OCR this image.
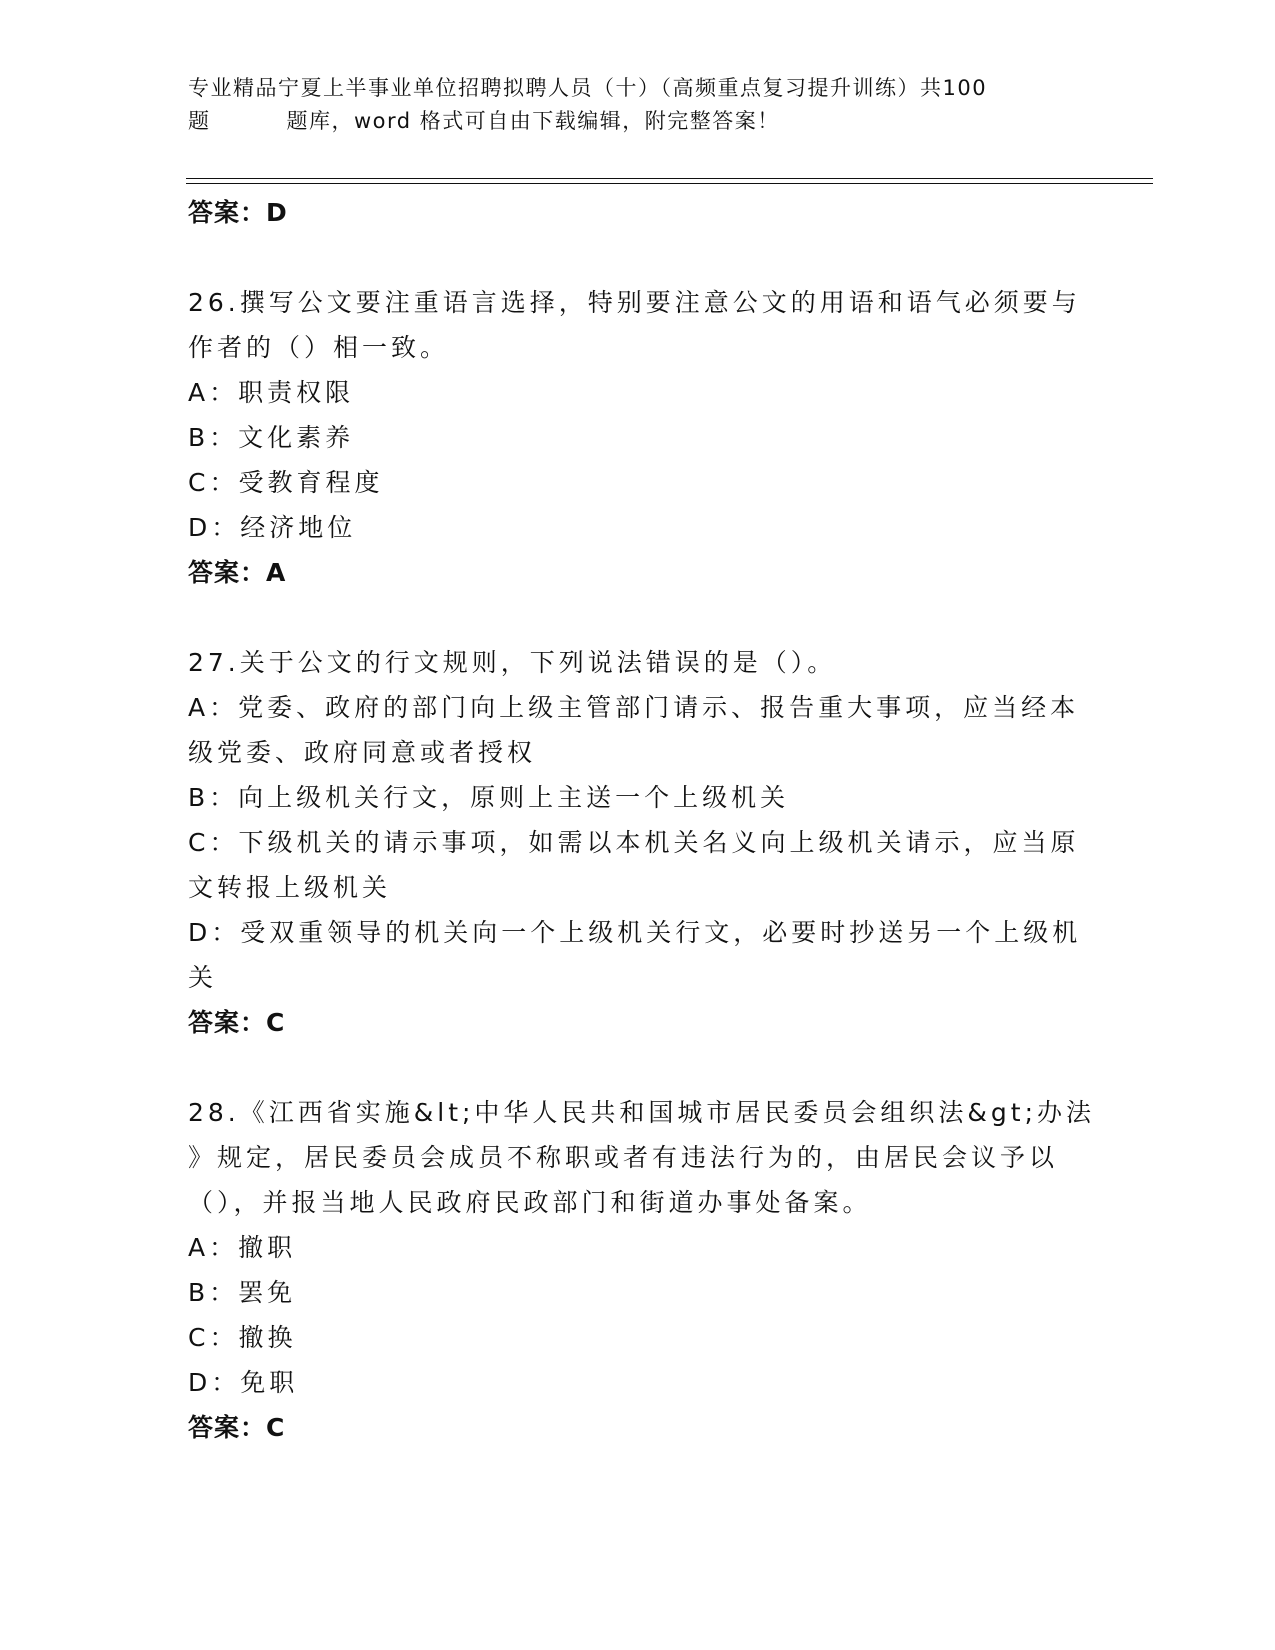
专业精品宁夏上半事业单位招聘拟聘人员（十）（高频重点复习提升训练）共100
题	题库，word 格式可自由下载编辑，附完整答案！
答案：D
26.撰写公文要注重语言选择，特别要注意公文的用语和语气必须要与
作者的（）相一致。
A：职责权限
B：文化素养
C：受教育程度
D：经济地位
答案：A
27.关于公文的行文规则，下列说法错误的是（）。
A：党委、政府的部门向上级主管部门请示、报告重大事项，应当经本
级党委、政府同意或者授权
B：向上级机关行文，原则上主送一个上级机关
C：下级机关的请示事项，如需以本机关名义向上级机关请示，应当原
文转报上级机关
D：受双重领导的机关向一个上级机关行文，必要时抄送另一个上级机
关
答案：C
28.《江西省实施&lt;中华人民共和国城市居民委员会组织法&gt;办法
》规定，居民委员会成员不称职或者有违法行为的，由居民会议予以
（），并报当地人民政府民政部门和街道办事处备案。
A：撤职
B：罢免
C：撤换
D：免职
答案：C
